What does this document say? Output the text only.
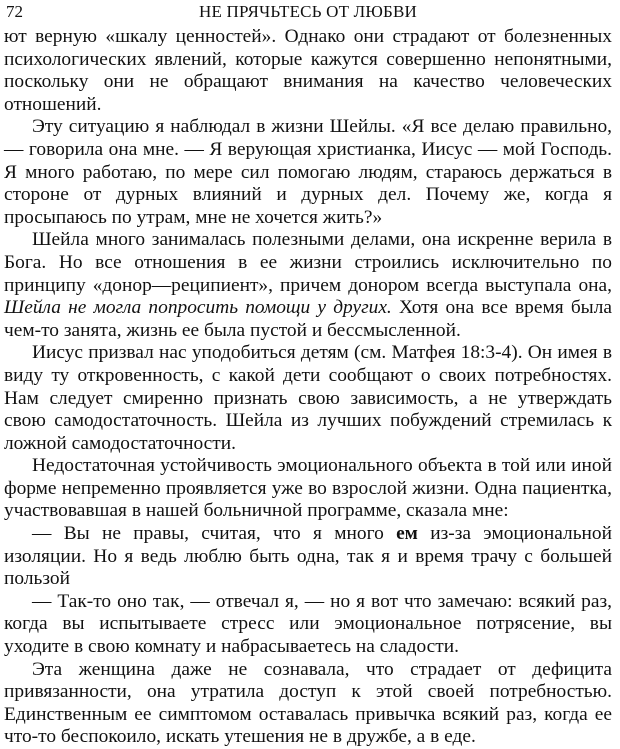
72	НЕ ПРЯЧЬТЕСЬ ОТ ЛЮБВИ

ют верную «шкалу ценностей». Однако они страдают от болезненных психологических явлений, которые кажутся совершенно непонятными, поскольку они не обращают внимания на качество человеческих отношений.

Эту ситуацию я наблюдал в жизни Шейлы. «Я все делаю правильно, — говорила она мне. — Я верующая христианка, Иисус — мой Господь. Я много работаю, по мере сил помогаю людям, стараюсь держаться в стороне от дурных влияний и дурных дел. Почему же, когда я просыпаюсь по утрам, мне не хочется жить?»

Шейла много занималась полезными делами, она искренне верила в Бога. Но все отношения в ее жизни строились исключительно по принципу «донор—реципиент», причем донором всегда выступала она, Шейла не могла попросить помощи у других. Хотя она все время была чем-то занята, жизнь ее была пустой и бессмысленной.

Иисус призвал нас уподобиться детям (см. Матфея 18:3-4). Он имея в виду ту откровенность, с какой дети сообщают о своих потребностях. Нам следует смиренно признать свою зависимость, а не утверждать свою самодостаточность. Шейла из лучших побуждений стремилась к ложной самодостаточности.

Недостаточная устойчивость эмоционального объекта в той или иной форме непременно проявляется уже во взрослой жизни. Одна пациентка, участвовавшая в нашей больничной программе, сказала мне:

— Вы не правы, считая, что я много ем из-за эмоциональной изоляции. Но я ведь люблю быть одна, так я и время трачу с большей пользой

— Так-то оно так, — отвечал я, — но я вот что замечаю: всякий раз, когда вы испытываете стресс или эмоциональное потрясение, вы уходите в свою комнату и набрасываетесь на сладости.

Эта женщина даже не сознавала, что страдает от дефицита привязанности, она утратила доступ к этой своей потребностью. Единственным ее симптомом оставалась привычка всякий раз, когда ее что-то беспокоило, искать утешения не в дружбе, а в еде.
